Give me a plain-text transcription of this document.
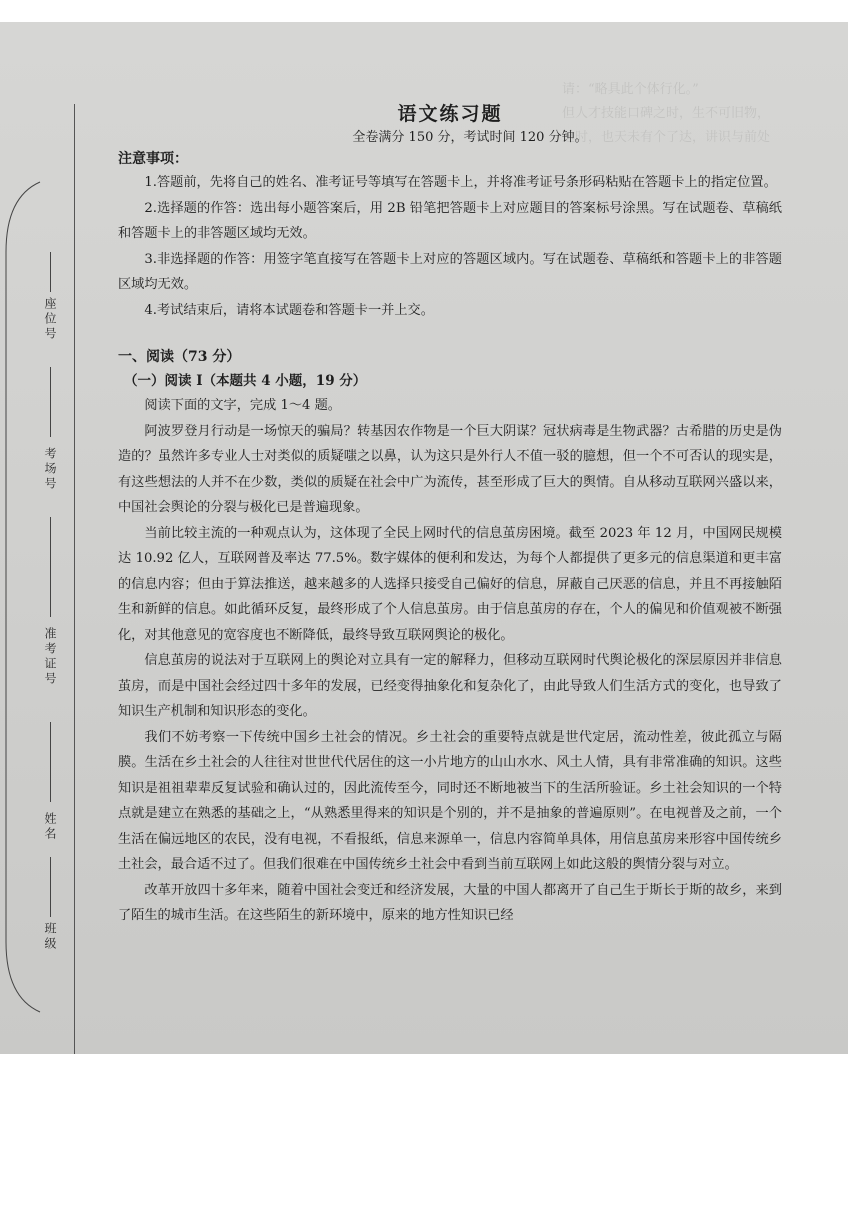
请：“略具此个体行化。”
但人才技能口碑之时，生不可旧物，
这时，也天未有个了达，讲识与前处
座位号
考场号
准考证号
姓名
班级
语文练习题
全卷满分 150 分，考试时间 120 分钟。
注意事项：

1.答题前，先将自己的姓名、准考证号等填写在答题卡上，并将准考证号条形码粘贴在答题卡上的指定位置。

2.选择题的作答：选出每小题答案后，用 2B 铅笔把答题卡上对应题目的答案标号涂黑。写在试题卷、草稿纸和答题卡上的非答题区域均无效。

3.非选择题的作答：用签字笔直接写在答题卡上对应的答题区域内。写在试题卷、草稿纸和答题卡上的非答题区域均无效。

4.考试结束后，请将本试题卷和答题卡一并上交。

一、阅读（73 分）
（一）阅读 I（本题共 4 小题，19 分）

阅读下面的文字，完成 1～4 题。

阿波罗登月行动是一场惊天的骗局？转基因农作物是一个巨大阴谋？冠状病毒是生物武器？古希腊的历史是伪造的？虽然许多专业人士对类似的质疑嗤之以鼻，认为这只是外行人不值一驳的臆想，但一个不可否认的现实是，有这些想法的人并不在少数，类似的质疑在社会中广为流传，甚至形成了巨大的舆情。自从移动互联网兴盛以来，中国社会舆论的分裂与极化已是普遍现象。

当前比较主流的一种观点认为，这体现了全民上网时代的信息茧房困境。截至 2023 年 12 月，中国网民规模达 10.92 亿人，互联网普及率达 77.5%。数字媒体的便利和发达，为每个人都提供了更多元的信息渠道和更丰富的信息内容；但由于算法推送，越来越多的人选择只接受自己偏好的信息，屏蔽自己厌恶的信息，并且不再接触陌生和新鲜的信息。如此循环反复，最终形成了个人信息茧房。由于信息茧房的存在，个人的偏见和价值观被不断强化，对其他意见的宽容度也不断降低，最终导致互联网舆论的极化。

信息茧房的说法对于互联网上的舆论对立具有一定的解释力，但移动互联网时代舆论极化的深层原因并非信息茧房，而是中国社会经过四十多年的发展，已经变得抽象化和复杂化了，由此导致人们生活方式的变化，也导致了知识生产机制和知识形态的变化。

我们不妨考察一下传统中国乡土社会的情况。乡土社会的重要特点就是世代定居，流动性差，彼此孤立与隔膜。生活在乡土社会的人往往对世世代代居住的这一小片地方的山山水水、风土人情，具有非常准确的知识。这些知识是祖祖辈辈反复试验和确认过的，因此流传至今，同时还不断地被当下的生活所验证。乡土社会知识的一个特点就是建立在熟悉的基础之上，“从熟悉里得来的知识是个别的，并不是抽象的普遍原则”。在电视普及之前，一个生活在偏远地区的农民，没有电视，不看报纸，信息来源单一，信息内容简单具体，用信息茧房来形容中国传统乡土社会，最合适不过了。但我们很难在中国传统乡土社会中看到当前互联网上如此这般的舆情分裂与对立。

改革开放四十多年来，随着中国社会变迁和经济发展，大量的中国人都离开了自己生于斯长于斯的故乡，来到了陌生的城市生活。在这些陌生的新环境中，原来的地方性知识已经
